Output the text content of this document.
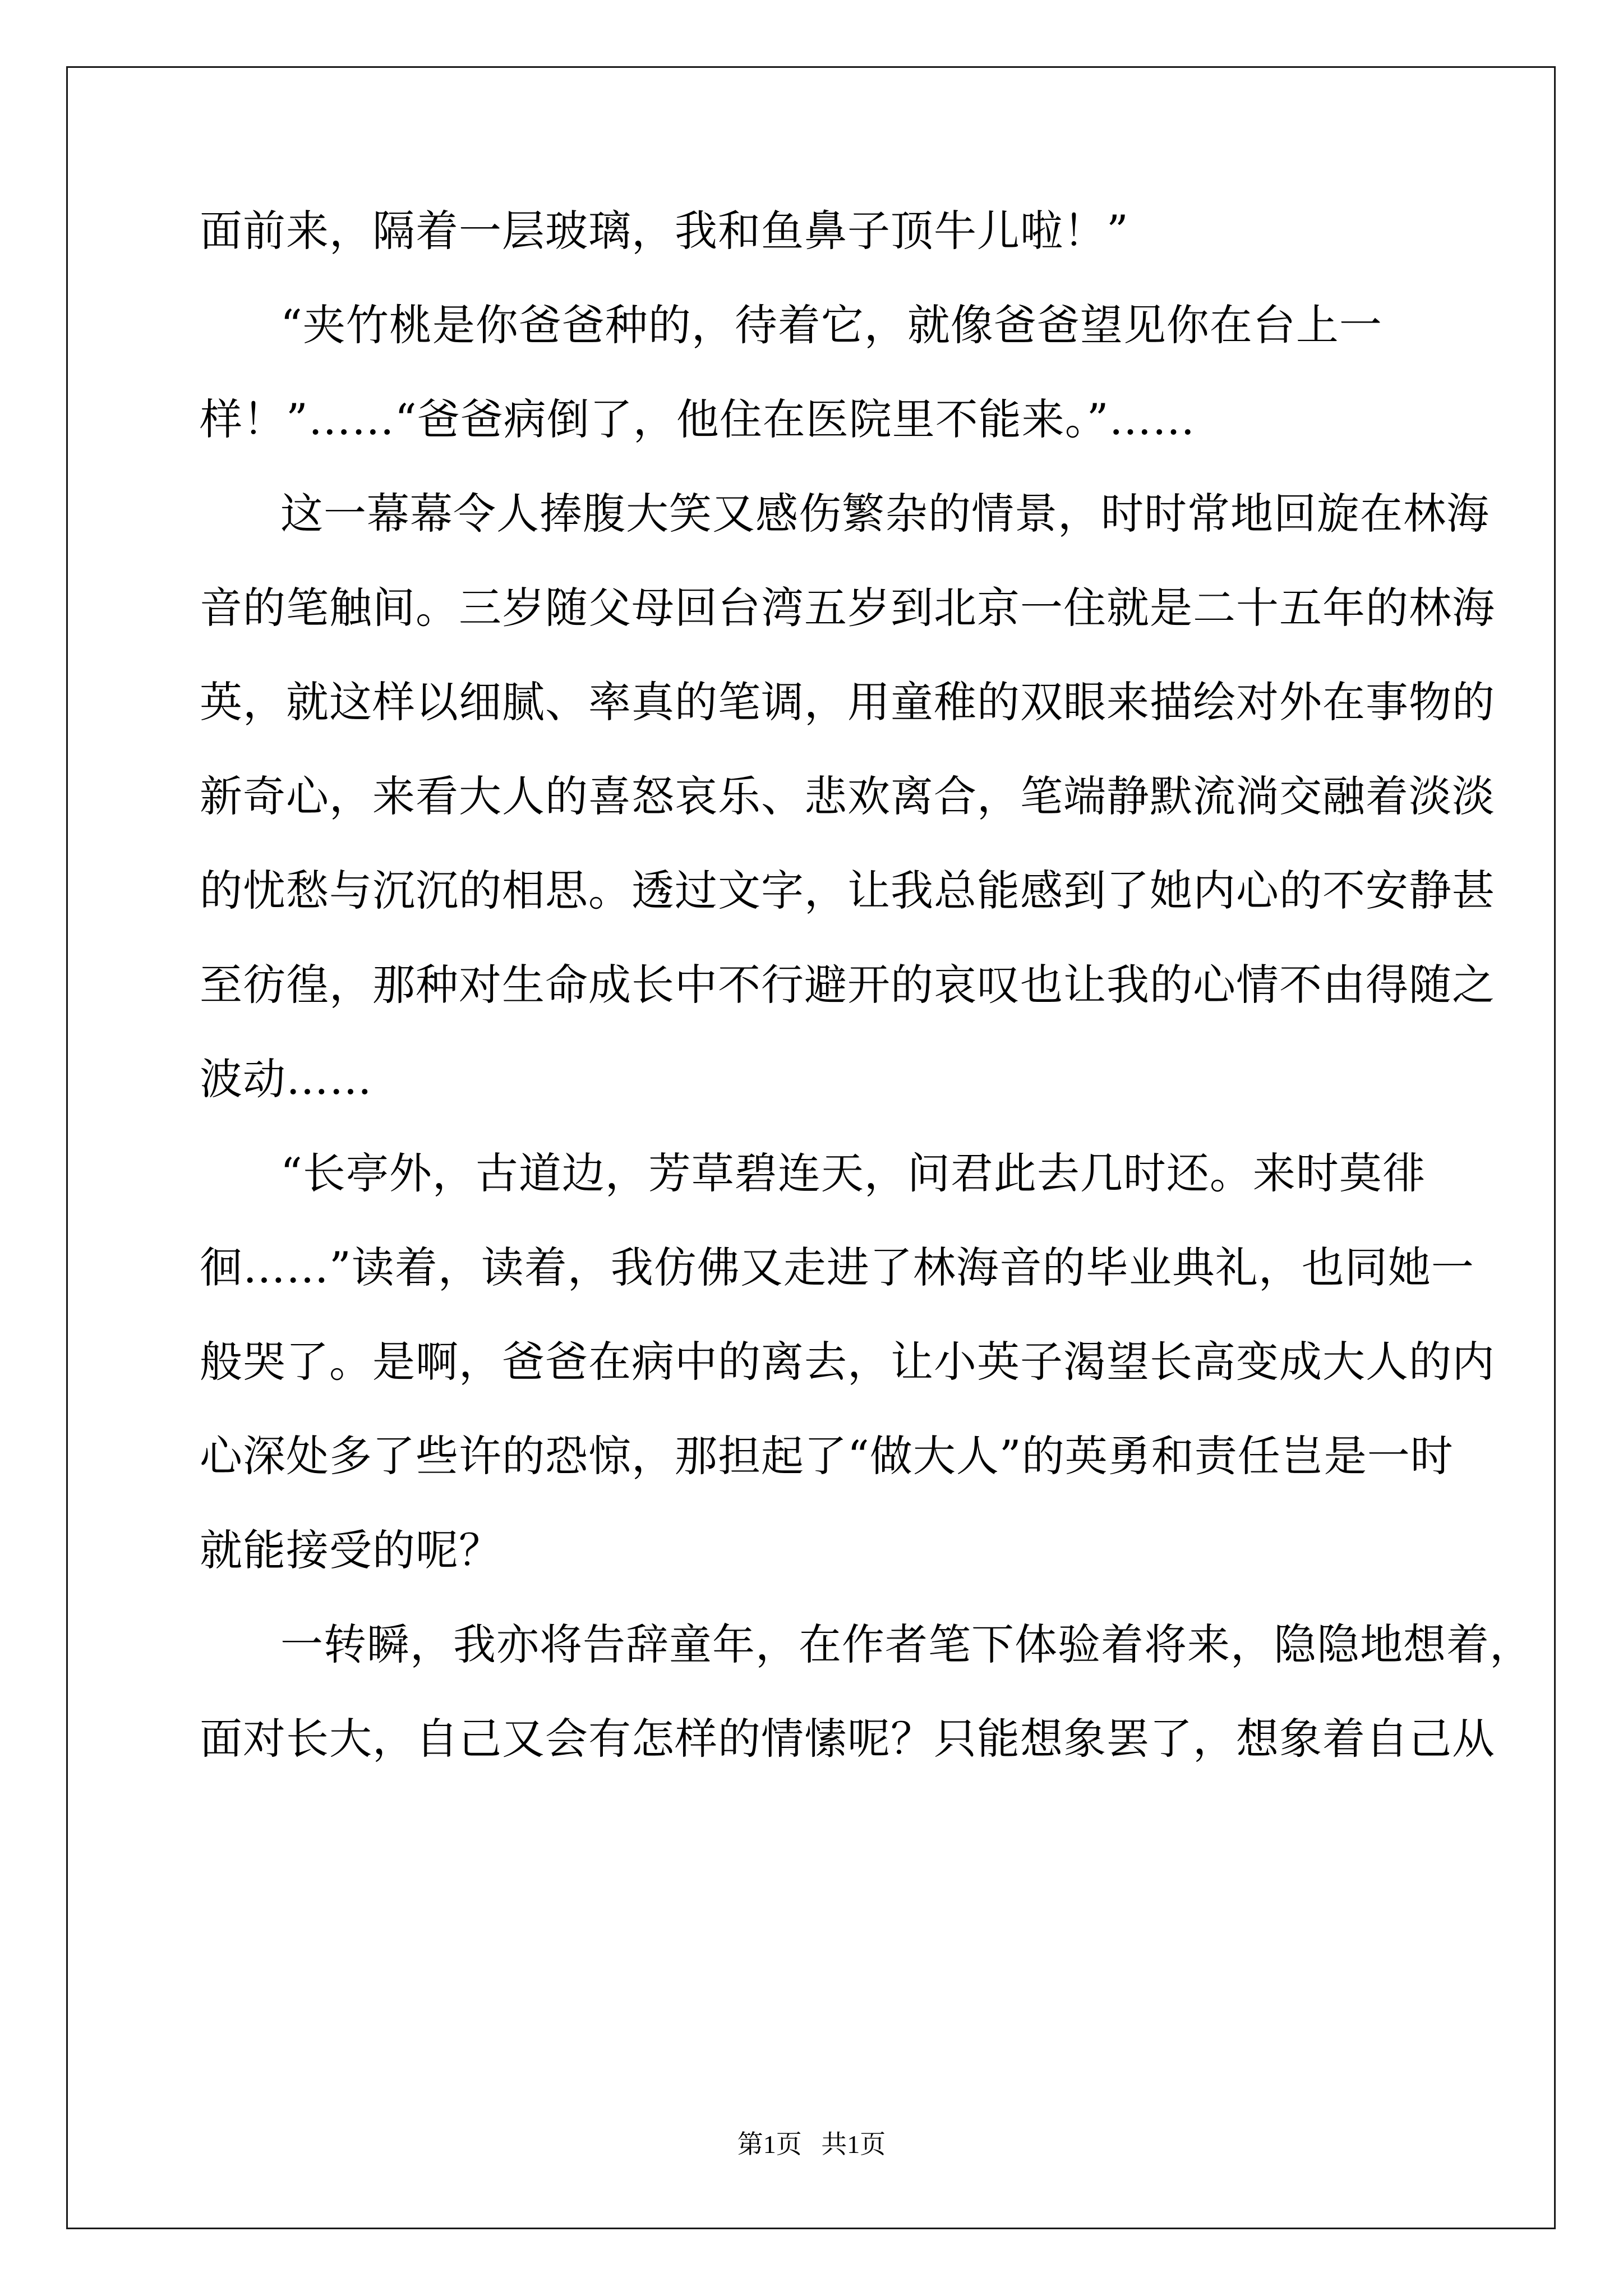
面前来，隔着一层玻璃，我和鱼鼻子顶牛儿啦！”
“夹竹桃是你爸爸种的，待着它，就像爸爸望见你在台上一
样！”……“爸爸病倒了，他住在医院里不能来。”……
这一幕幕令人捧腹大笑又感伤繁杂的情景，时时常地回旋在林海
音的笔触间。三岁随父母回台湾五岁到北京一住就是二十五年的林海
英，就这样以细腻、率真的笔调，用童稚的双眼来描绘对外在事物的
新奇心，来看大人的喜怒哀乐、悲欢离合，笔端静默流淌交融着淡淡
的忧愁与沉沉的相思。透过文字，让我总能感到了她内心的不安静甚
至彷徨，那种对生命成长中不行避开的哀叹也让我的心情不由得随之
波动……
“长亭外，古道边，芳草碧连天，问君此去几时还。来时莫徘
徊……”读着，读着，我仿佛又走进了林海音的毕业典礼，也同她一
般哭了。是啊，爸爸在病中的离去，让小英子渴望长高变成大人的内
心深处多了些许的恐惊，那担起了“做大人”的英勇和责任岂是一时
就能接受的呢？
一转瞬，我亦将告辞童年，在作者笔下体验着将来，隐隐地想着，
面对长大，自己又会有怎样的情愫呢？只能想象罢了，想象着自己从
第1页 共1页
